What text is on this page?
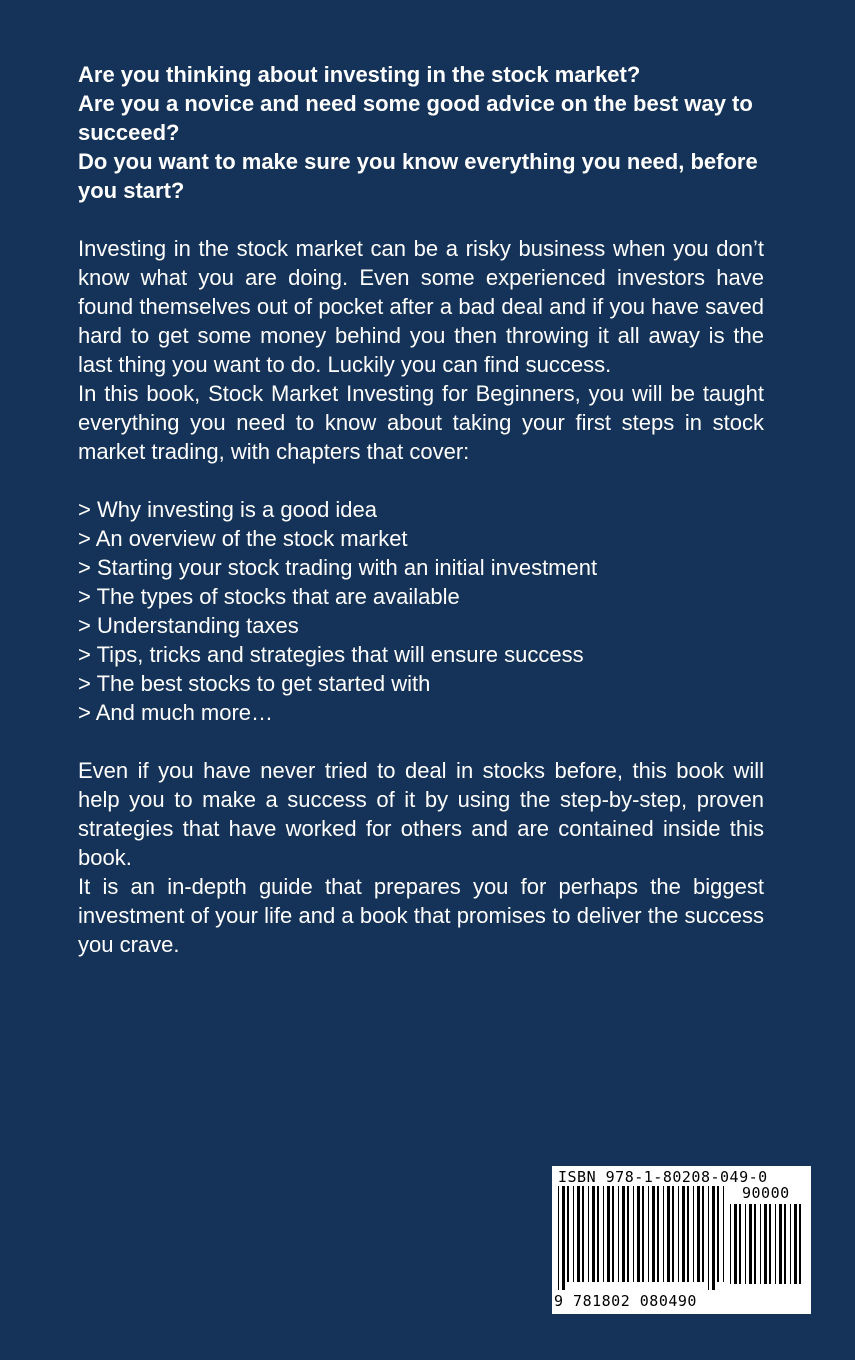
Are you thinking about investing in the stock market?
Are you a novice and need some good advice on the best way to succeed?
Do you want to make sure you know everything you need, before you start?

Investing in the stock market can be a risky business when you don’t know what you are doing. Even some experienced investors have found themselves out of pocket after a bad deal and if you have saved hard to get some money behind you then throwing it all away is the last thing you want to do. Luckily you can find success.

In this book, Stock Market Investing for Beginners, you will be taught everything you need to know about taking your first steps in stock market trading, with chapters that cover:

> Why investing is a good idea
> An overview of the stock market
> Starting your stock trading with an initial investment
> The types of stocks that are available
> Understanding taxes
> Tips, tricks and strategies that will ensure success
> The best stocks to get started with
> And much more…

Even if you have never tried to deal in stocks before, this book will help you to make a success of it by using the step-by-step, proven strategies that have worked for others and are contained inside this book.

It is an in-depth guide that prepares you for perhaps the biggest investment of your life and a book that promises to deliver the success you crave.

ISBN 978-1-80208-049-0
90000
9 781802 080490
